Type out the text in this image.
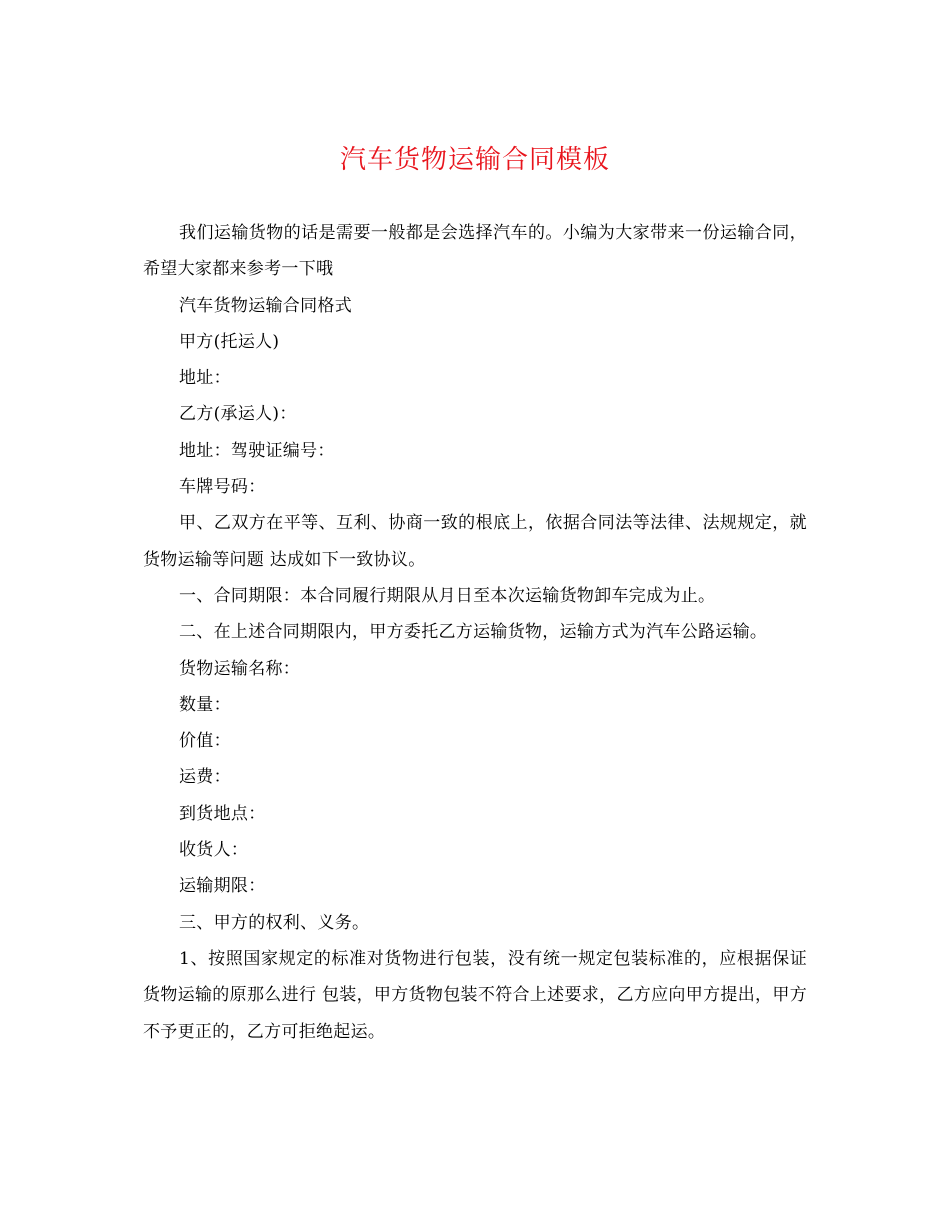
汽车货物运输合同模板

我们运输货物的话是需要一般都是会选择汽车的。小编为大家带来一份运输合同，希望大家都来参考一下哦

汽车货物运输合同格式

甲方(托运人)

地址：

乙方(承运人)：

地址：驾驶证编号：

车牌号码：

甲、乙双方在平等、互利、协商一致的根底上，依据合同法等法律、法规规定，就货物运输等问题 达成如下一致协议。

一、合同期限：本合同履行期限从月日至本次运输货物卸车完成为止。

二、在上述合同期限内，甲方委托乙方运输货物，运输方式为汽车公路运输。

货物运输名称：

数量：

价值：

运费：

到货地点：

收货人：

运输期限：

三、甲方的权利、义务。

1、按照国家规定的标准对货物进行包装，没有统一规定包装标准的，应根据保证货物运输的原那么进行 包装，甲方货物包装不符合上述要求，乙方应向甲方提出，甲方不予更正的，乙方可拒绝起运。
